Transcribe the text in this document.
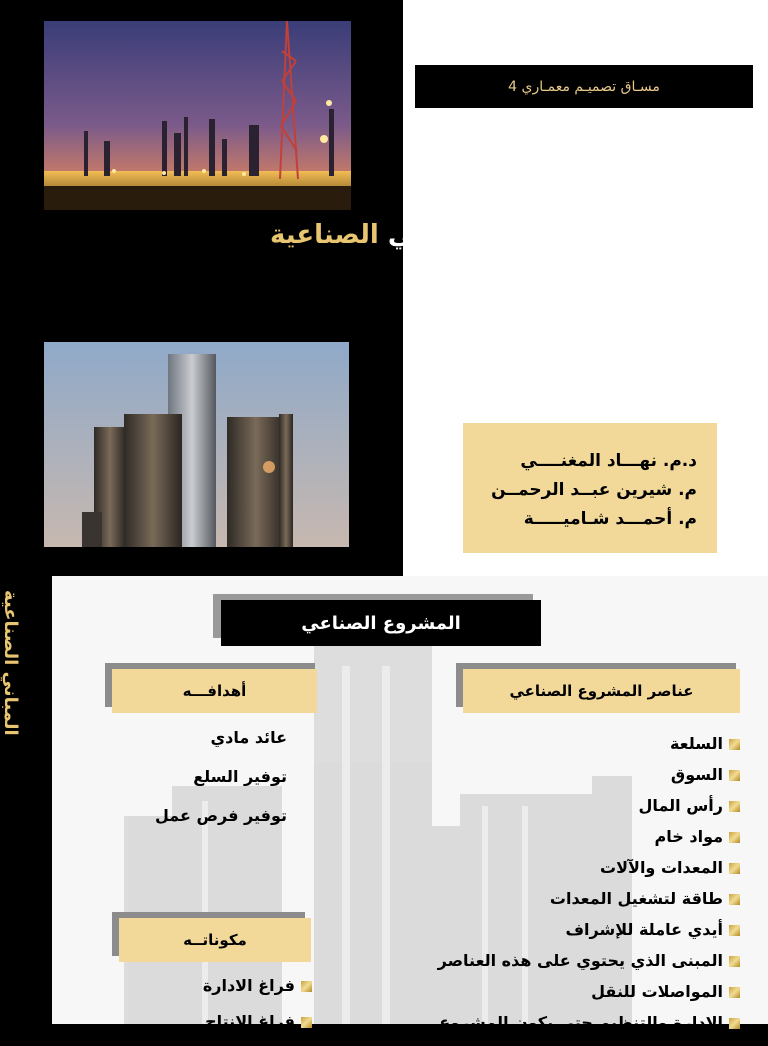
مسـاق تصميـم معمـاري 4
المباني الصناعية
د.م. نهـــاد المغنــــي
م. شيرين عبــد الرحمــن
م. أحمـــد شـاميـــــة
المباني الصناعية	المشروع الصناعي
عناصر المشروع الصناعي
أهدافـــه
مكوناتــه
السلعة
السوق
رأس المال
مواد خام
المعدات والآلات
طاقة لتشغيل المعدات
أيدي عاملة للإشراف
المبنى الذي يحتوي على هذه العناصر
المواصلات للنقل
الإدارة والتنظيم حتى يكون المشروع
عائد مادي
توفير السلع
توفير فرص عمل
فراغ الادارة
فراغ الإنتاج
